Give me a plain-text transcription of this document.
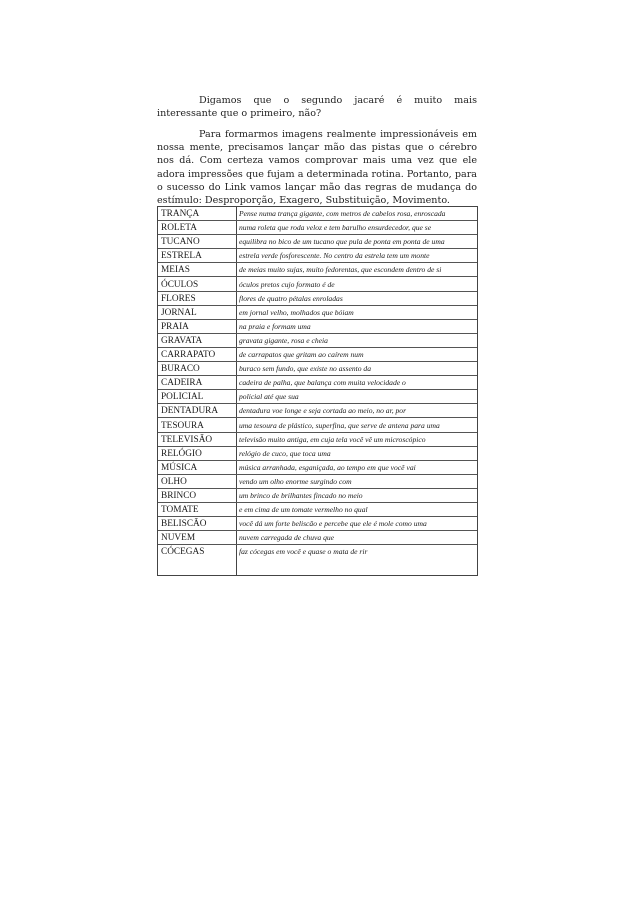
Digamos que o segundo jacaré é muito mais interessante que o primeiro, não?
Para formarmos imagens realmente impressionáveis em nossa mente, precisamos lançar mão das pistas que o cérebro nos dá. Com certeza vamos comprovar mais uma vez que ele adora impressões que fujam a determinada rotina. Portanto, para o sucesso do Link vamos lançar mão das regras de mudança do estímulo: Desproporção, Exagero, Substituição, Movimento.
TRANÇA	Pense numa trança gigante, com metros de cabelos rosa, enroscada
ROLETA	numa roleta que roda veloz e tem barulho ensurdecedor, que se
TUCANO	equilibra no bico de um tucano que pula de ponta em ponta de uma
ESTRELA	estrela verde fosforescente. No centro da estrela tem um monte
MEIAS	de meias muito sujas, muito fedorentas, que escondem dentro de si
ÓCULOS	óculos pretos cujo formato é de
FLORES	flores de quatro pétalas enroladas
JORNAL	em jornal velho, molhados que bóiam
PRAIA	na praia e formam uma
GRAVATA	gravata gigante, rosa e cheia
CARRAPATO	de carrapatos que gritam ao caírem num
BURACO	buraco sem fundo, que existe no assento da
CADEIRA	cadeira de palha, que balança com muita velocidade o
POLICIAL	policial até que sua
DENTADURA	dentadura voe longe e seja cortada ao meio, no ar, por
TESOURA	uma tesoura de plástico, superfina, que serve de antena para uma
TELEVISÃO	televisão muito antiga, em cuja tela você vê um microscópico
RELÓGIO	relógio de cuco, que toca uma
MÚSICA	música arranhada, esganiçada, ao tempo em que você vai
OLHO	vendo um olho enorme surgindo com
BRINCO	um brinco de brilhantes fincado no meio
TOMATE	e em cima de um tomate vermelho no qual
BELISCÃO	você dá um forte beliscão e percebe que ele é mole como uma
NUVEM	nuvem carregada de chuva que
CÓCEGAS	faz cócegas em você e quase o mata de rir
